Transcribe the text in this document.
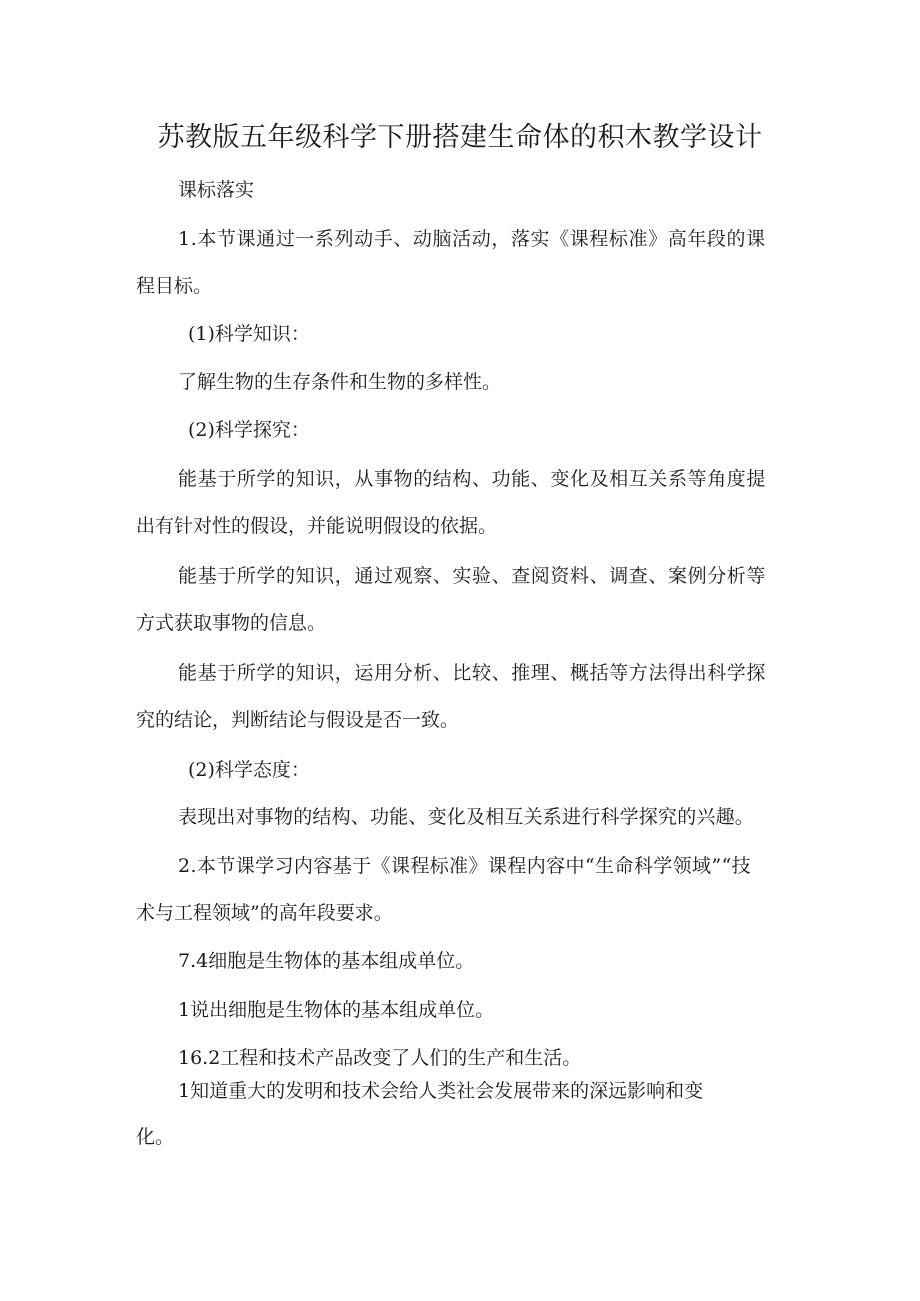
苏教版五年级科学下册搭建生命体的积木教学设计

课标落实

1.本节课通过一系列动手、动脑活动，落实《课程标准》高年段的课

程目标。

(1)科学知识：

了解生物的生存条件和生物的多样性。

(2)科学探究：

能基于所学的知识，从事物的结构、功能、变化及相互关系等角度提

出有针对性的假设，并能说明假设的依据。

能基于所学的知识，通过观察、实验、查阅资料、调查、案例分析等

方式获取事物的信息。

能基于所学的知识，运用分析、比较、推理、概括等方法得出科学探

究的结论，判断结论与假设是否一致。

(2)科学态度：

表现出对事物的结构、功能、变化及相互关系进行科学探究的兴趣。

2.本节课学习内容基于《课程标准》课程内容中“生命科学领域”“技

术与工程领域”的高年段要求。

7.4细胞是生物体的基本组成单位。

1说出细胞是生物体的基本组成单位。

16.2工程和技术产品改变了人们的生产和生活。

1知道重大的发明和技术会给人类社会发展带来的深远影响和变

化。
